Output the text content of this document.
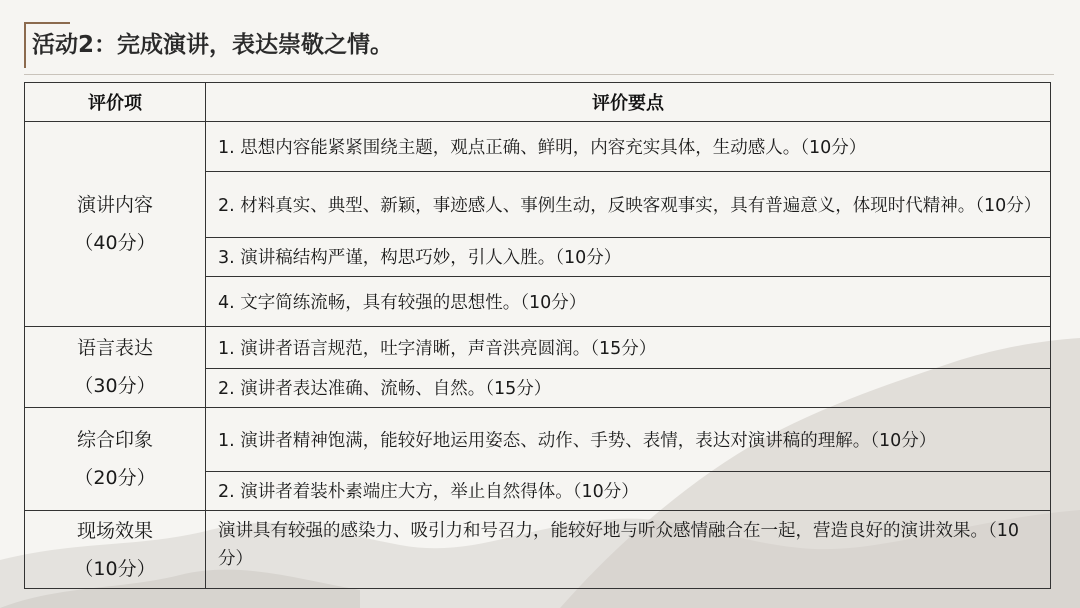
活动2：完成演讲，表达崇敬之情。
评价项	评价要点

演讲内容
（40分）	1. 思想内容能紧紧围绕主题，观点正确、鲜明，内容充实具体，生动感人。（10分）
	2. 材料真实、典型、新颖，事迹感人、事例生动，反映客观事实，具有普遍意义，体现时代精神。（10分）
	3. 演讲稿结构严谨，构思巧妙，引人入胜。（10分）
	4. 文字简练流畅，具有较强的思想性。（10分）

语言表达
（30分）	1. 演讲者语言规范，吐字清晰，声音洪亮圆润。（15分）
	2. 演讲者表达准确、流畅、自然。（15分）

综合印象
（20分）	1. 演讲者精神饱满，能较好地运用姿态、动作、手势、表情，表达对演讲稿的理解。（10分）
	2. 演讲者着装朴素端庄大方，举止自然得体。（10分）

现场效果
（10分）	演讲具有较强的感染力、吸引力和号召力，能较好地与听众感情融合在一起，营造良好的演讲效果。（10分）
